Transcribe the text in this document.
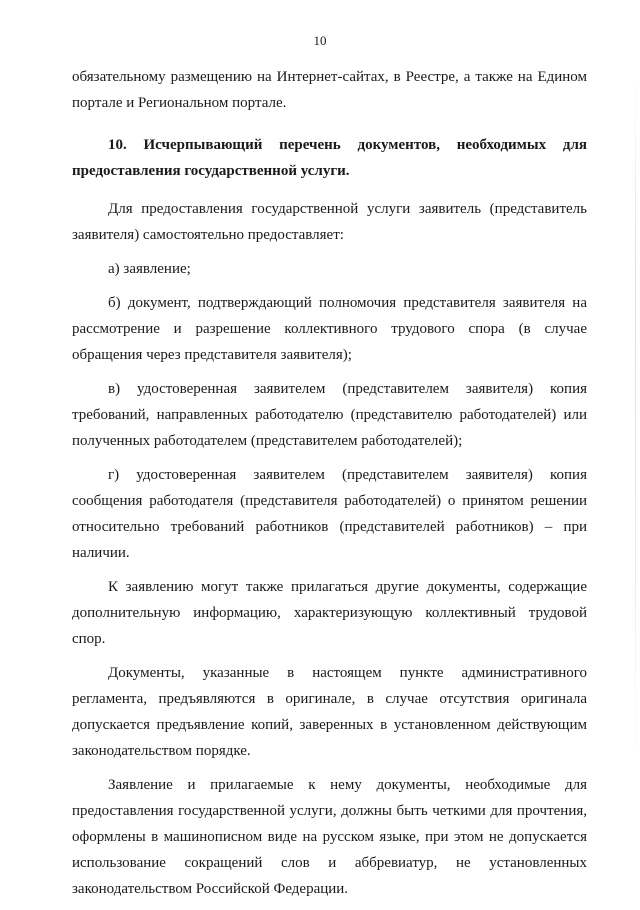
10

обязательному размещению на Интернет-сайтах, в Реестре, а также на Едином портале и Региональном портале.

10. Исчерпывающий перечень документов, необходимых для предоставления государственной услуги.

Для предоставления государственной услуги заявитель (представитель заявителя) самостоятельно предоставляет:

а) заявление;

б) документ, подтверждающий полномочия представителя заявителя на рассмотрение и разрешение коллективного трудового спора (в случае обращения через представителя заявителя);

в) удостоверенная заявителем (представителем заявителя) копия требований, направленных работодателю (представителю работодателей) или полученных работодателем (представителем работодателей);

г) удостоверенная заявителем (представителем заявителя) копия сообщения работодателя (представителя работодателей) о принятом решении относительно требований работников (представителей работников) – при наличии.

К заявлению могут также прилагаться другие документы, содержащие дополнительную информацию, характеризующую коллективный трудовой спор.

Документы, указанные в настоящем пункте административного регламента, предъявляются в оригинале, в случае отсутствия оригинала допускается предъявление копий, заверенных в установленном действующим законодательством порядке.

Заявление и прилагаемые к нему документы, необходимые для предоставления государственной услуги, должны быть четкими для прочтения, оформлены в машинописном виде на русском языке, при этом не допускается использование сокращений слов и аббревиатур, не установленных законодательством Российской Федерации.
